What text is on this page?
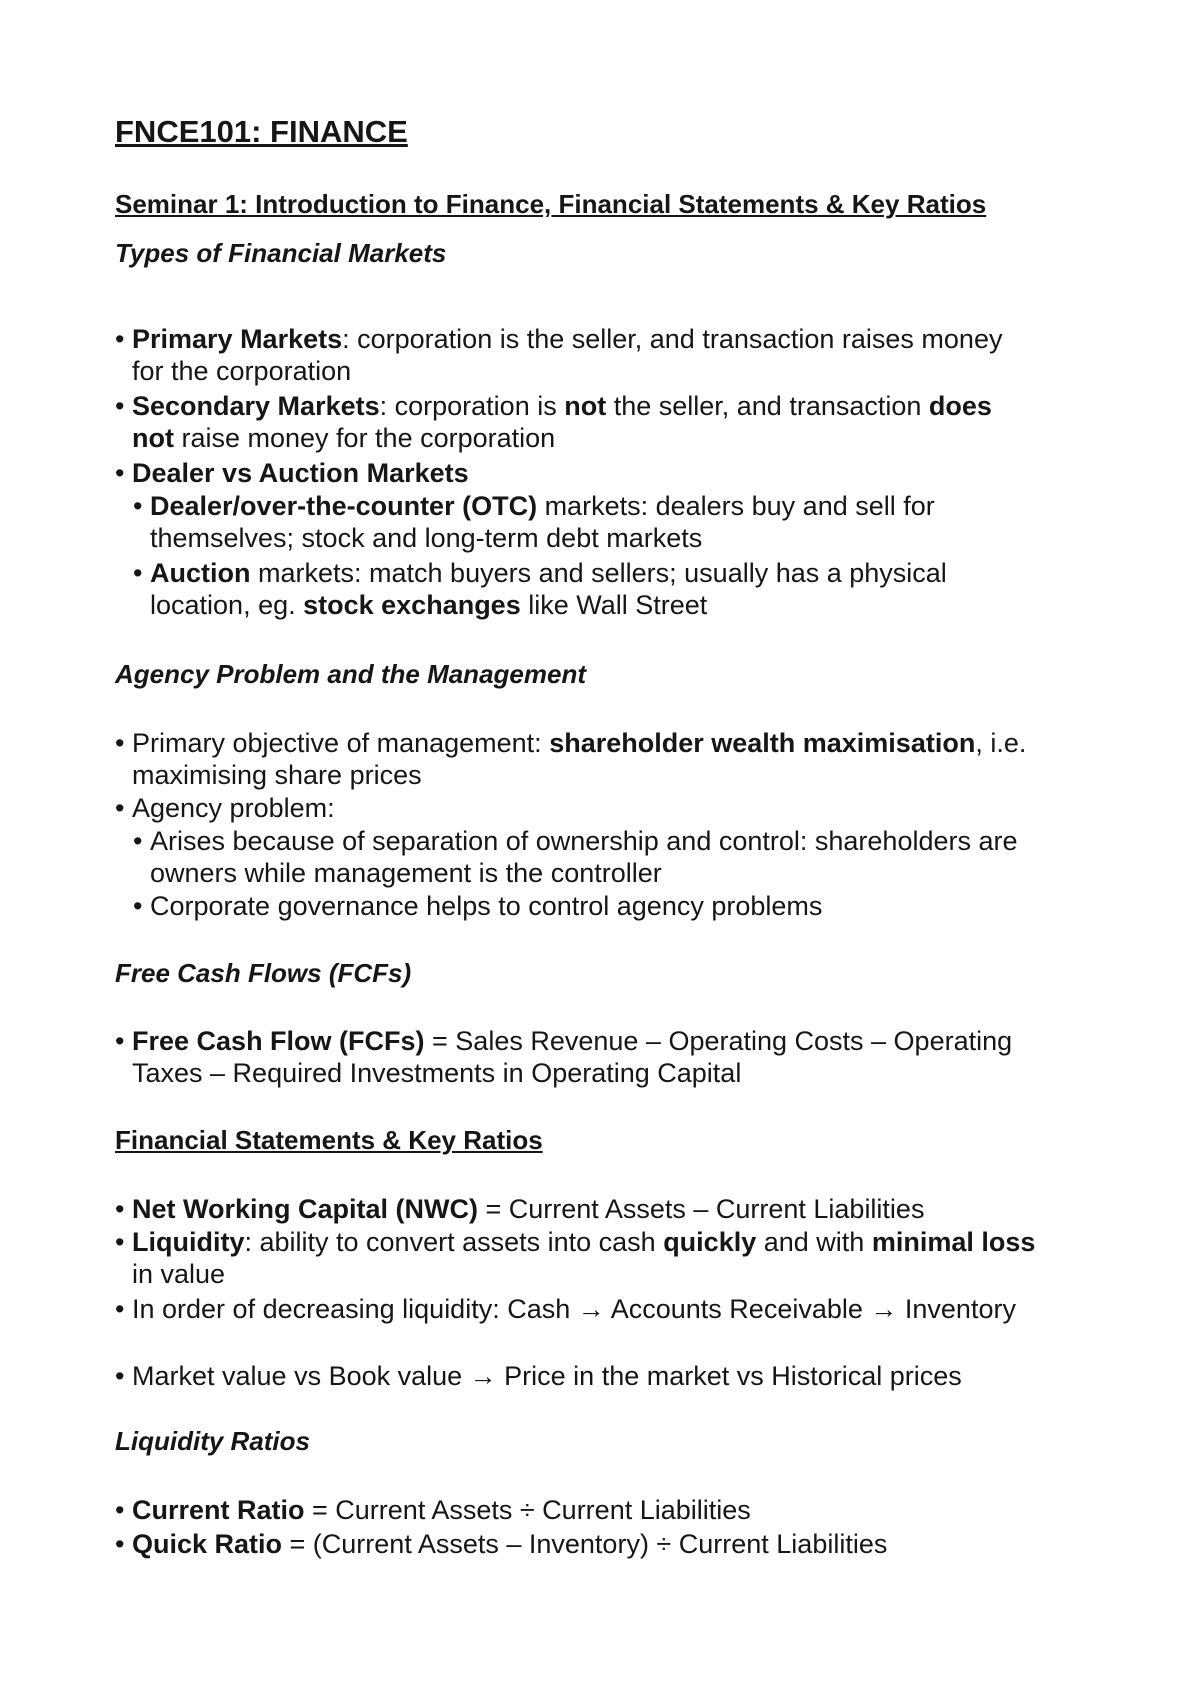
FNCE101: FINANCE
Seminar 1: Introduction to Finance, Financial Statements & Key Ratios
Types of Financial Markets
• Primary Markets: corporation is the seller, and transaction raises money
for the corporation
• Secondary Markets: corporation is not the seller, and transaction does
not raise money for the corporation
• Dealer vs Auction Markets
• Dealer/over-the-counter (OTC) markets: dealers buy and sell for
themselves; stock and long-term debt markets
• Auction markets: match buyers and sellers; usually has a physical
location, eg. stock exchanges like Wall Street
Agency Problem and the Management
• Primary objective of management: shareholder wealth maximisation, i.e.
maximising share prices
• Agency problem:
• Arises because of separation of ownership and control: shareholders are
owners while management is the controller
• Corporate governance helps to control agency problems
Free Cash Flows (FCFs)
• Free Cash Flow (FCFs) = Sales Revenue – Operating Costs – Operating
Taxes – Required Investments in Operating Capital
Financial Statements & Key Ratios
• Net Working Capital (NWC) = Current Assets – Current Liabilities
• Liquidity: ability to convert assets into cash quickly and with minimal loss
in value
• In order of decreasing liquidity: Cash → Accounts Receivable → Inventory
• Market value vs Book value → Price in the market vs Historical prices
Liquidity Ratios
• Current Ratio = Current Assets ÷ Current Liabilities
• Quick Ratio = (Current Assets – Inventory) ÷ Current Liabilities
